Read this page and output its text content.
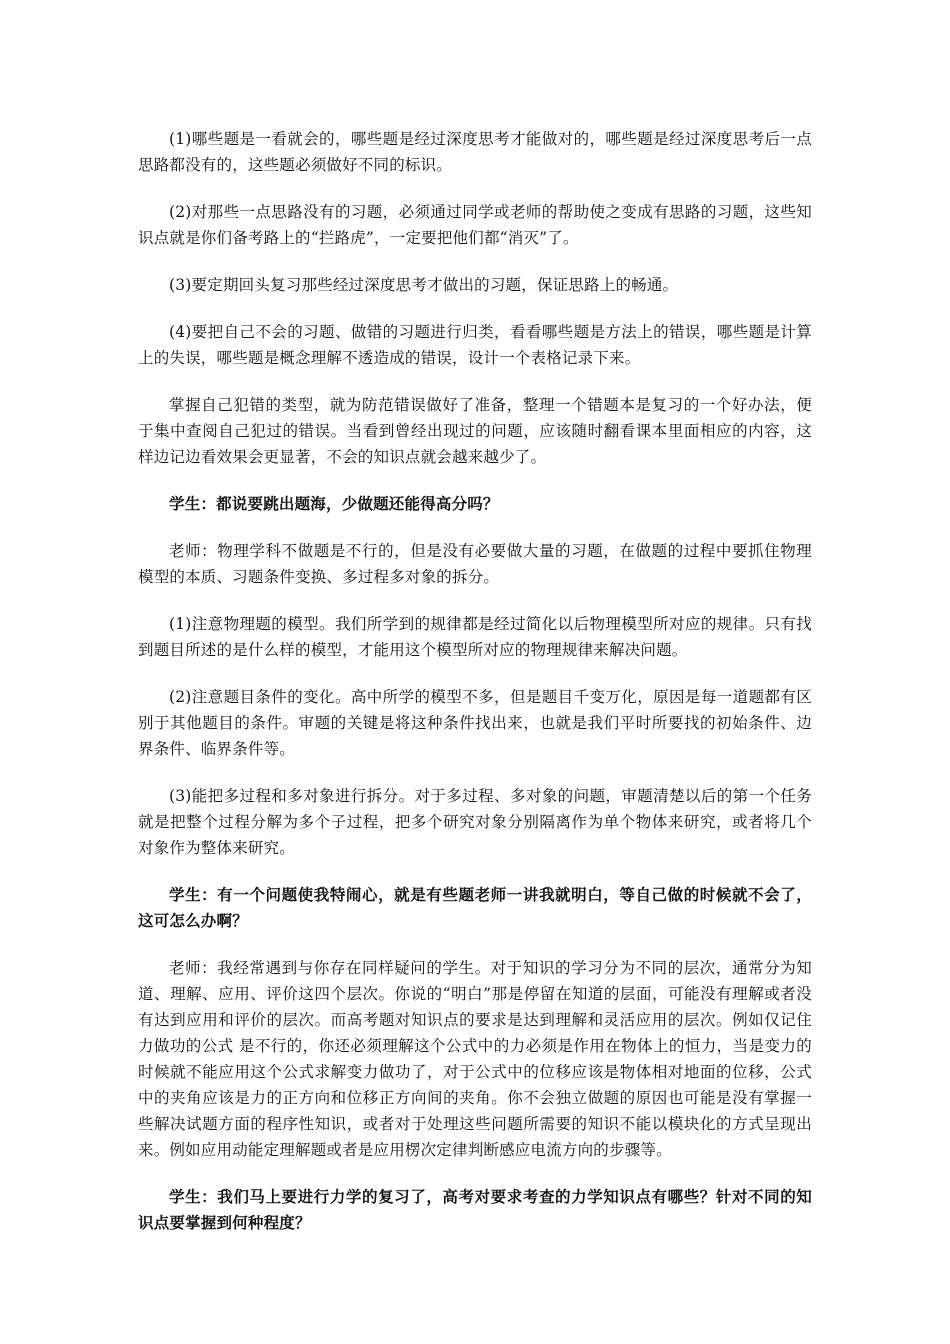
(1)哪些题是一看就会的，哪些题是经过深度思考才能做对的，哪些题是经过深度思考后一点思路都没有的，这些题必须做好不同的标识。

(2)对那些一点思路没有的习题，必须通过同学或老师的帮助使之变成有思路的习题，这些知识点就是你们备考路上的“拦路虎”，一定要把他们都“消灭”了。

(3)要定期回头复习那些经过深度思考才做出的习题，保证思路上的畅通。

(4)要把自己不会的习题、做错的习题进行归类，看看哪些题是方法上的错误，哪些题是计算上的失误，哪些题是概念理解不透造成的错误，设计一个表格记录下来。

掌握自己犯错的类型，就为防范错误做好了准备，整理一个错题本是复习的一个好办法，便于集中查阅自己犯过的错误。当看到曾经出现过的问题，应该随时翻看课本里面相应的内容，这样边记边看效果会更显著，不会的知识点就会越来越少了。

学生：都说要跳出题海，少做题还能得高分吗？

老师：物理学科不做题是不行的，但是没有必要做大量的习题，在做题的过程中要抓住物理模型的本质、习题条件变换、多过程多对象的拆分。

(1)注意物理题的模型。我们所学到的规律都是经过简化以后物理模型所对应的规律。只有找到题目所述的是什么样的模型，才能用这个模型所对应的物理规律来解决问题。

(2)注意题目条件的变化。高中所学的模型不多，但是题目千变万化，原因是每一道题都有区别于其他题目的条件。审题的关键是将这种条件找出来，也就是我们平时所要找的初始条件、边界条件、临界条件等。

(3)能把多过程和多对象进行拆分。对于多过程、多对象的问题，审题清楚以后的第一个任务就是把整个过程分解为多个子过程，把多个研究对象分别隔离作为单个物体来研究，或者将几个对象作为整体来研究。

学生：有一个问题使我特闹心，就是有些题老师一讲我就明白，等自己做的时候就不会了，这可怎么办啊？

老师：我经常遇到与你存在同样疑问的学生。对于知识的学习分为不同的层次，通常分为知道、理解、应用、评价这四个层次。你说的“明白”那是停留在知道的层面，可能没有理解或者没有达到应用和评价的层次。而高考题对知识点的要求是达到理解和灵活应用的层次。例如仅记住力做功的公式 是不行的，你还必须理解这个公式中的力必须是作用在物体上的恒力，当是变力的时候就不能应用这个公式求解变力做功了，对于公式中的位移应该是物体相对地面的位移，公式中的夹角应该是力的正方向和位移正方向间的夹角。你不会独立做题的原因也可能是没有掌握一些解决试题方面的程序性知识，或者对于处理这些问题所需要的知识不能以模块化的方式呈现出来。例如应用动能定理解题或者是应用楞次定律判断感应电流方向的步骤等。

学生：我们马上要进行力学的复习了，高考对要求考查的力学知识点有哪些？针对不同的知识点要掌握到何种程度？
